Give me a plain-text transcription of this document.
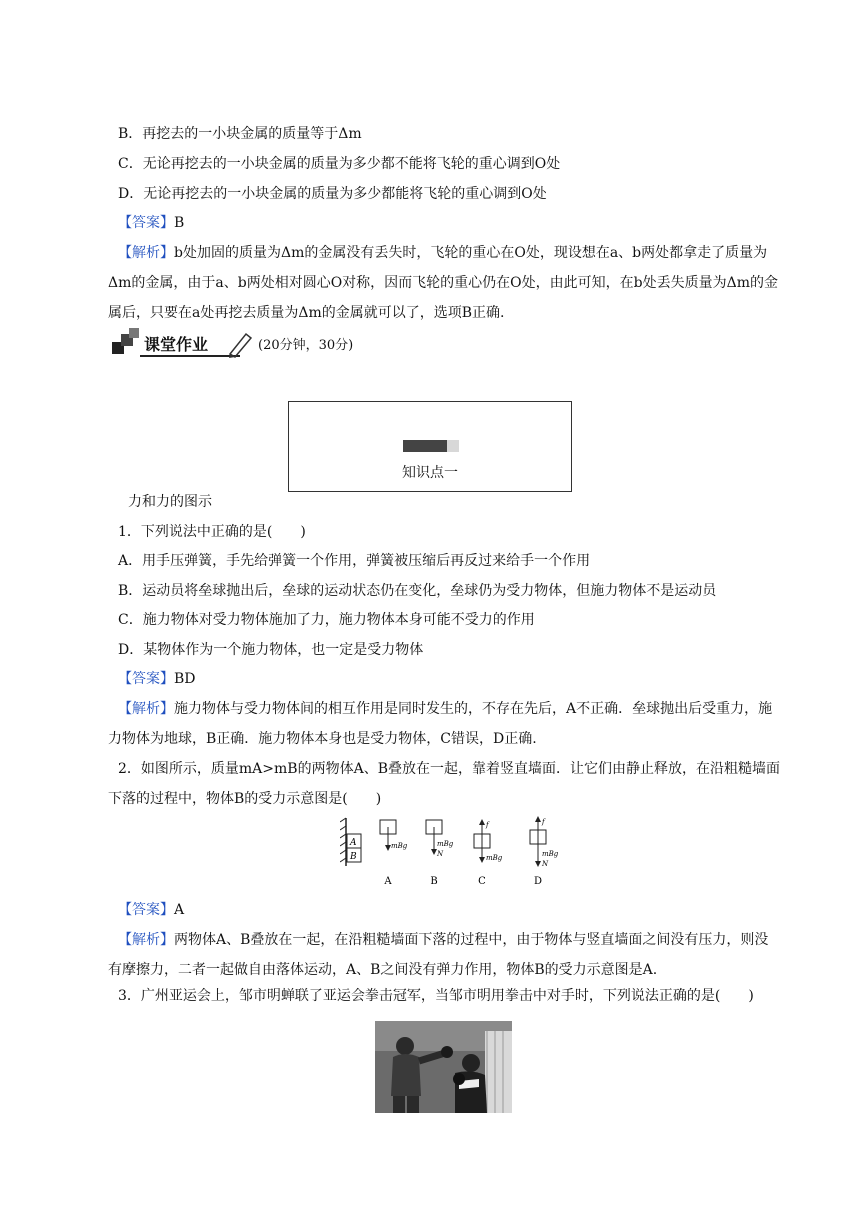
B．再挖去的一小块金属的质量等于Δm
C．无论再挖去的一小块金属的质量为多少都不能将飞轮的重心调到O处
D．无论再挖去的一小块金属的质量为多少都能将飞轮的重心调到O处
【答案】B
【解析】b处加固的质量为Δm的金属没有丢失时，飞轮的重心在O处，现设想在a、b两处都拿走了质量为Δm的金属，由于a、b两处相对圆心O对称，因而飞轮的重心仍在O处，由此可知，在b处丢失质量为Δm的金属后，只要在a处再挖去质量为Δm的金属就可以了，选项B正确.
课堂作业	(20分钟，30分)
知识点一
力和力的图示
1．下列说法中正确的是(　　)
A．用手压弹簧，手先给弹簧一个作用，弹簧被压缩后再反过来给手一个作用
B．运动员将垒球抛出后，垒球的运动状态仍在变化，垒球仍为受力物体，但施力物体不是运动员
C．施力物体对受力物体施加了力，施力物体本身可能不受力的作用
D．某物体作为一个施力物体，也一定是受力物体
【答案】BD
【解析】施力物体与受力物体间的相互作用是同时发生的，不存在先后，A不正确．垒球抛出后受重力，施力物体为地球，B正确．施力物体本身也是受力物体，C错误，D正确.
2．如图所示，质量mA>mB的两物体A、B叠放在一起，靠着竖直墙面．让它们由静止释放，在沿粗糙墙面下落的过程中，物体B的受力示意图是(　　)
A
B
mBg
A
mBg
N
B
f
mBg
C
f
mBg
N
D
【答案】A
【解析】两物体A、B叠放在一起，在沿粗糙墙面下落的过程中，由于物体与竖直墙面之间没有压力，则没有摩擦力，二者一起做自由落体运动，A、B之间没有弹力作用，物体B的受力示意图是A.
3．广州亚运会上，邹市明蝉联了亚运会拳击冠军，当邹市明用拳击中对手时，下列说法正确的是(　　)
